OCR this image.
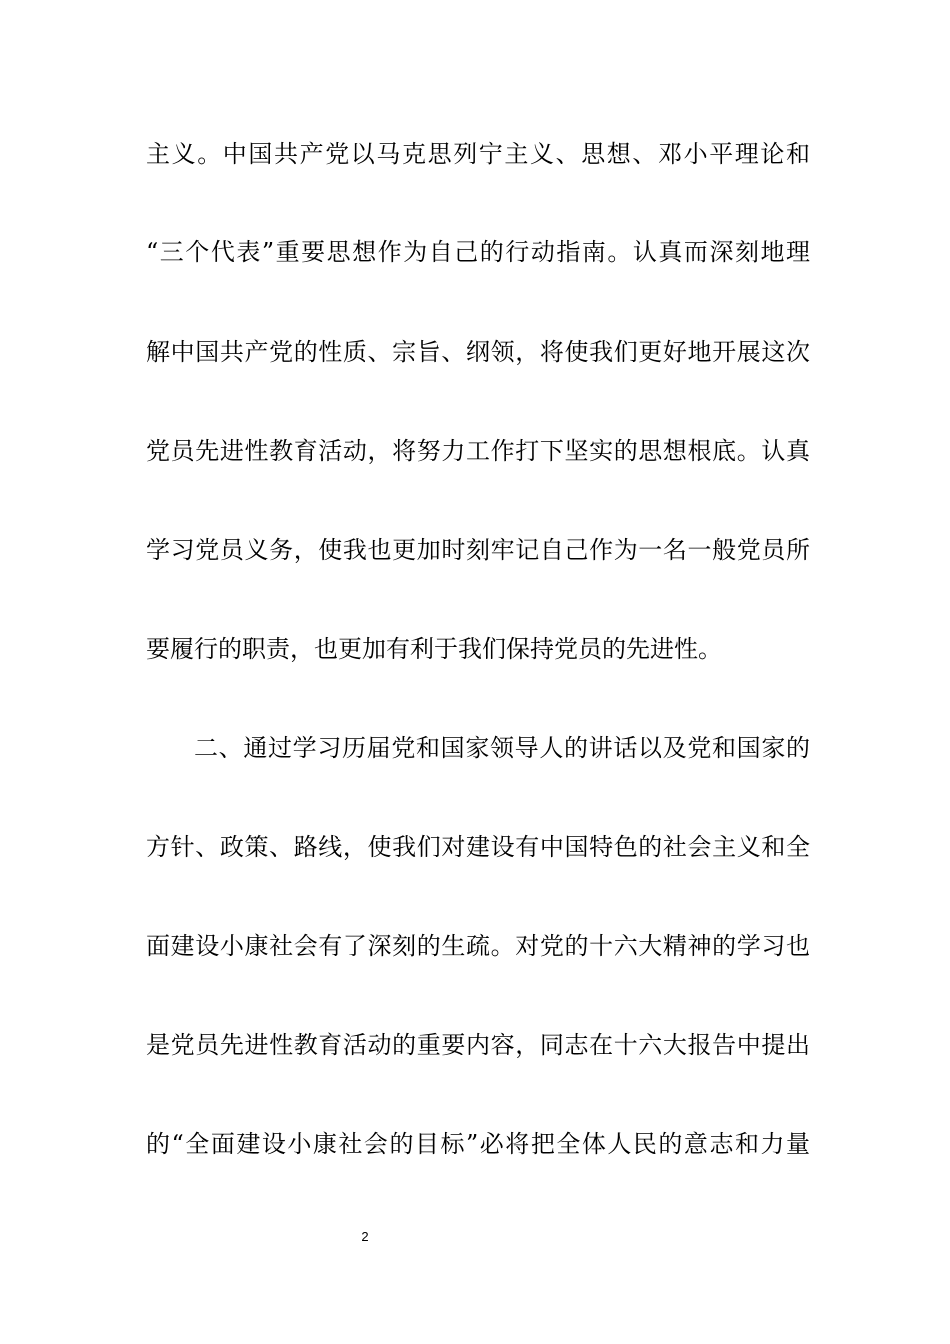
主义。中国共产党以马克思列宁主义、思想、邓小平理论和
“三个代表”重要思想作为自己的行动指南。认真而深刻地理
解中国共产党的性质、宗旨、纲领，将使我们更好地开展这次
党员先进性教育活动，将努力工作打下坚实的思想根底。认真
学习党员义务，使我也更加时刻牢记自己作为一名一般党员所
要履行的职责，也更加有利于我们保持党员的先进性。
二、通过学习历届党和国家领导人的讲话以及党和国家的
方针、政策、路线，使我们对建设有中国特色的社会主义和全
面建设小康社会有了深刻的生疏。对党的十六大精神的学习也
是党员先进性教育活动的重要内容，同志在十六大报告中提出
的“全面建设小康社会的目标”必将把全体人民的意志和力量
2
